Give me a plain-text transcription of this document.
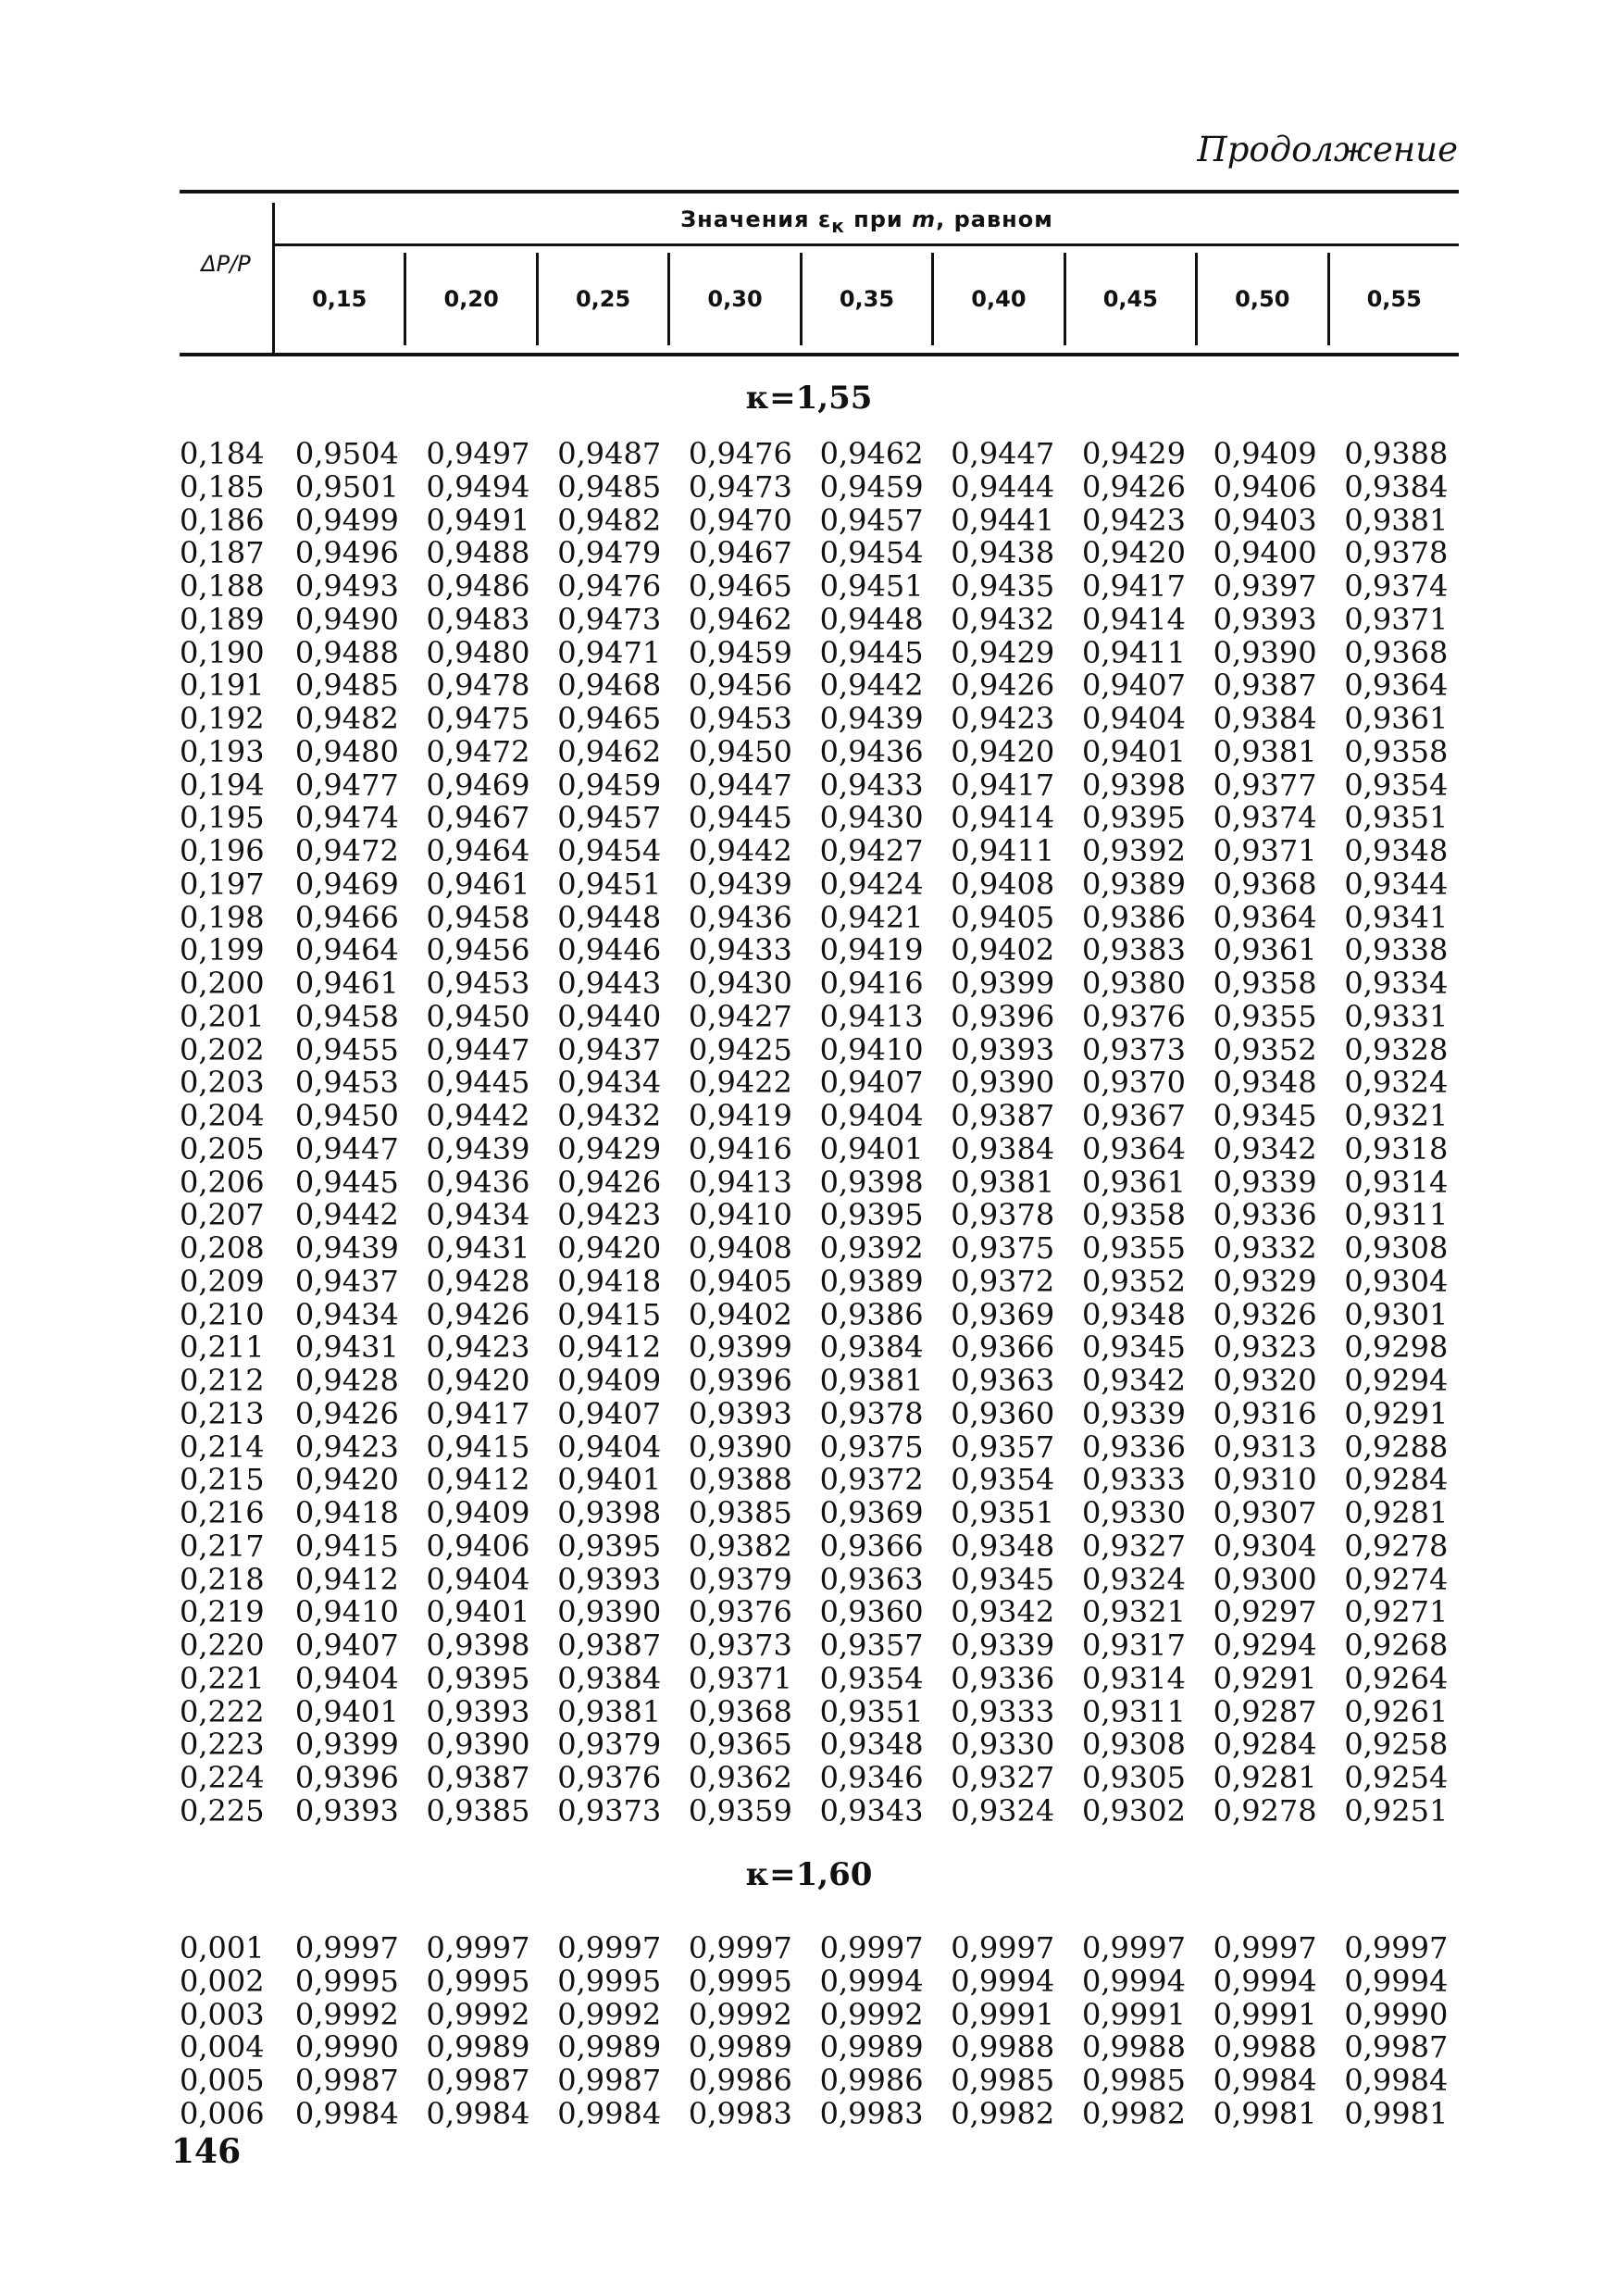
Продолжение
ΔP/P
Значения $\varepsilon_к$ при m, равном
0,15	0,20	0,25	0,30	0,35	0,40	0,45	0,50	0,55
κ=1,55
0,184	0,9504 0,9497 0,9487 0,9476 0,9462 0,9447 0,9429 0,9409 0,9388
0,185	0,9501 0,9494 0,9485 0,9473 0,9459 0,9444 0,9426 0,9406 0,9384
0,186	0,9499 0,9491 0,9482 0,9470 0,9457 0,9441 0,9423 0,9403 0,9381
0,187	0,9496 0,9488 0,9479 0,9467 0,9454 0,9438 0,9420 0,9400 0,9378
0,188	0,9493 0,9486 0,9476 0,9465 0,9451 0,9435 0,9417 0,9397 0,9374
0,189	0,9490 0,9483 0,9473 0,9462 0,9448 0,9432 0,9414 0,9393 0,9371
0,190	0,9488 0,9480 0,9471 0,9459 0,9445 0,9429 0,9411 0,9390 0,9368
0,191	0,9485 0,9478 0,9468 0,9456 0,9442 0,9426 0,9407 0,9387 0,9364
0,192	0,9482 0,9475 0,9465 0,9453 0,9439 0,9423 0,9404 0,9384 0,9361
0,193	0,9480 0,9472 0,9462 0,9450 0,9436 0,9420 0,9401 0,9381 0,9358
0,194	0,9477 0,9469 0,9459 0,9447 0,9433 0,9417 0,9398 0,9377 0,9354
0,195	0,9474 0,9467 0,9457 0,9445 0,9430 0,9414 0,9395 0,9374 0,9351
0,196	0,9472 0,9464 0,9454 0,9442 0,9427 0,9411 0,9392 0,9371 0,9348
0,197	0,9469 0,9461 0,9451 0,9439 0,9424 0,9408 0,9389 0,9368 0,9344
0,198	0,9466 0,9458 0,9448 0,9436 0,9421 0,9405 0,9386 0,9364 0,9341
0,199	0,9464 0,9456 0,9446 0,9433 0,9419 0,9402 0,9383 0,9361 0,9338
0,200	0,9461 0,9453 0,9443 0,9430 0,9416 0,9399 0,9380 0,9358 0,9334
0,201	0,9458 0,9450 0,9440 0,9427 0,9413 0,9396 0,9376 0,9355 0,9331
0,202	0,9455 0,9447 0,9437 0,9425 0,9410 0,9393 0,9373 0,9352 0,9328
0,203	0,9453 0,9445 0,9434 0,9422 0,9407 0,9390 0,9370 0,9348 0,9324
0,204	0,9450 0,9442 0,9432 0,9419 0,9404 0,9387 0,9367 0,9345 0,9321
0,205	0,9447 0,9439 0,9429 0,9416 0,9401 0,9384 0,9364 0,9342 0,9318
0,206	0,9445 0,9436 0,9426 0,9413 0,9398 0,9381 0,9361 0,9339 0,9314
0,207	0,9442 0,9434 0,9423 0,9410 0,9395 0,9378 0,9358 0,9336 0,9311
0,208	0,9439 0,9431 0,9420 0,9408 0,9392 0,9375 0,9355 0,9332 0,9308
0,209	0,9437 0,9428 0,9418 0,9405 0,9389 0,9372 0,9352 0,9329 0,9304
0,210	0,9434 0,9426 0,9415 0,9402 0,9386 0,9369 0,9348 0,9326 0,9301
0,211	0,9431 0,9423 0,9412 0,9399 0,9384 0,9366 0,9345 0,9323 0,9298
0,212	0,9428 0,9420 0,9409 0,9396 0,9381 0,9363 0,9342 0,9320 0,9294
0,213	0,9426 0,9417 0,9407 0,9393 0,9378 0,9360 0,9339 0,9316 0,9291
0,214	0,9423 0,9415 0,9404 0,9390 0,9375 0,9357 0,9336 0,9313 0,9288
0,215	0,9420 0,9412 0,9401 0,9388 0,9372 0,9354 0,9333 0,9310 0,9284
0,216	0,9418 0,9409 0,9398 0,9385 0,9369 0,9351 0,9330 0,9307 0,9281
0,217	0,9415 0,9406 0,9395 0,9382 0,9366 0,9348 0,9327 0,9304 0,9278
0,218	0,9412 0,9404 0,9393 0,9379 0,9363 0,9345 0,9324 0,9300 0,9274
0,219	0,9410 0,9401 0,9390 0,9376 0,9360 0,9342 0,9321 0,9297 0,9271
0,220	0,9407 0,9398 0,9387 0,9373 0,9357 0,9339 0,9317 0,9294 0,9268
0,221	0,9404 0,9395 0,9384 0,9371 0,9354 0,9336 0,9314 0,9291 0,9264
0,222	0,9401 0,9393 0,9381 0,9368 0,9351 0,9333 0,9311 0,9287 0,9261
0,223	0,9399 0,9390 0,9379 0,9365 0,9348 0,9330 0,9308 0,9284 0,9258
0,224	0,9396 0,9387 0,9376 0,9362 0,9346 0,9327 0,9305 0,9281 0,9254
0,225	0,9393 0,9385 0,9373 0,9359 0,9343 0,9324 0,9302 0,9278 0,9251
κ=1,60
0,001	0,9997 0,9997 0,9997 0,9997 0,9997 0,9997 0,9997 0,9997 0,9997
0,002	0,9995 0,9995 0,9995 0,9995 0,9994 0,9994 0,9994 0,9994 0,9994
0,003	0,9992 0,9992 0,9992 0,9992 0,9992 0,9991 0,9991 0,9991 0,9990
0,004	0,9990 0,9989 0,9989 0,9989 0,9989 0,9988 0,9988 0,9988 0,9987
0,005	0,9987 0,9987 0,9987 0,9986 0,9986 0,9985 0,9985 0,9984 0,9984
0,006	0,9984 0,9984 0,9984 0,9983 0,9983 0,9982 0,9982 0,9981 0,9981
146
